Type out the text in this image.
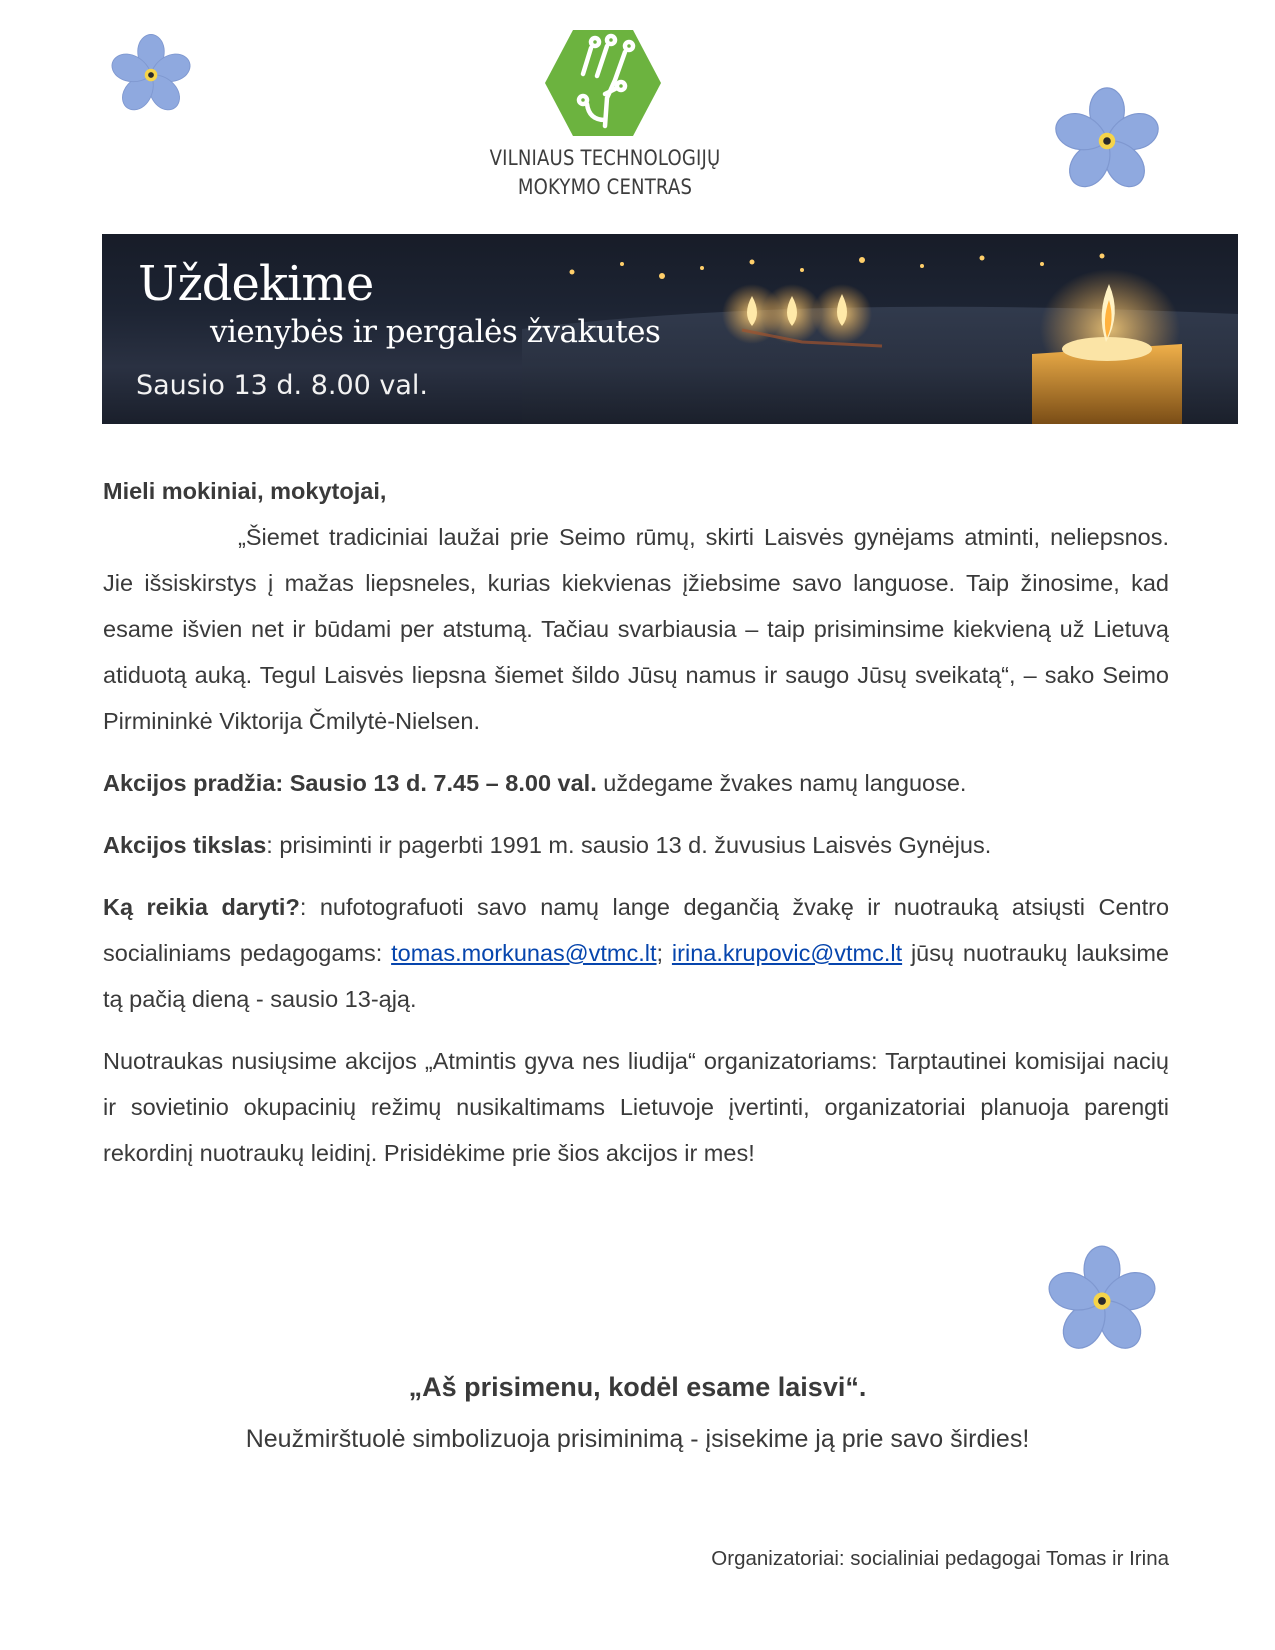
VILNIAUS TECHNOLOGIJŲ
MOKYMO CENTRAS
Uždekime
vienybės ir pergalės žvakutes
Sausio 13 d. 8.00 val.

Mieli mokiniai, mokytojai,

„Šiemet tradiciniai laužai prie Seimo rūmų, skirti Laisvės gynėjams atminti, neliepsnos. Jie išsiskirstys į mažas liepsneles, kurias kiekvienas įžiebsime savo languose. Taip žinosime, kad esame išvien net ir būdami per atstumą. Tačiau svarbiausia – taip prisiminsime kiekvieną už Lietuvą atiduotą auką. Tegul Laisvės liepsna šiemet šildo Jūsų namus ir saugo Jūsų sveikatą“, – sako Seimo Pirmininkė Viktorija Čmilytė-Nielsen.

Akcijos pradžia: Sausio 13 d. 7.45 – 8.00 val. uždegame žvakes namų languose.

Akcijos tikslas: prisiminti ir pagerbti 1991 m. sausio 13 d. žuvusius Laisvės Gynėjus.

Ką reikia daryti?: nufotografuoti savo namų lange degančią žvakę ir nuotrauką atsiųsti Centro socialiniams pedagogams: tomas.morkunas@vtmc.lt; irina.krupovic@vtmc.lt jūsų nuotraukų lauksime tą pačią dieną - sausio 13-ąją.

Nuotraukas nusiųsime akcijos „Atmintis gyva nes liudija“ organizatoriams: Tarptautinei komisijai nacių ir sovietinio okupacinių režimų nusikaltimams Lietuvoje įvertinti, organizatoriai planuoja parengti rekordinį nuotraukų leidinį. Prisidėkime prie šios akcijos ir mes!

„Aš prisimenu, kodėl esame laisvi“.
Neužmirštuolė simbolizuoja prisiminimą - įsisekime ją prie savo širdies!
Organizatoriai: socialiniai pedagogai Tomas ir Irina
